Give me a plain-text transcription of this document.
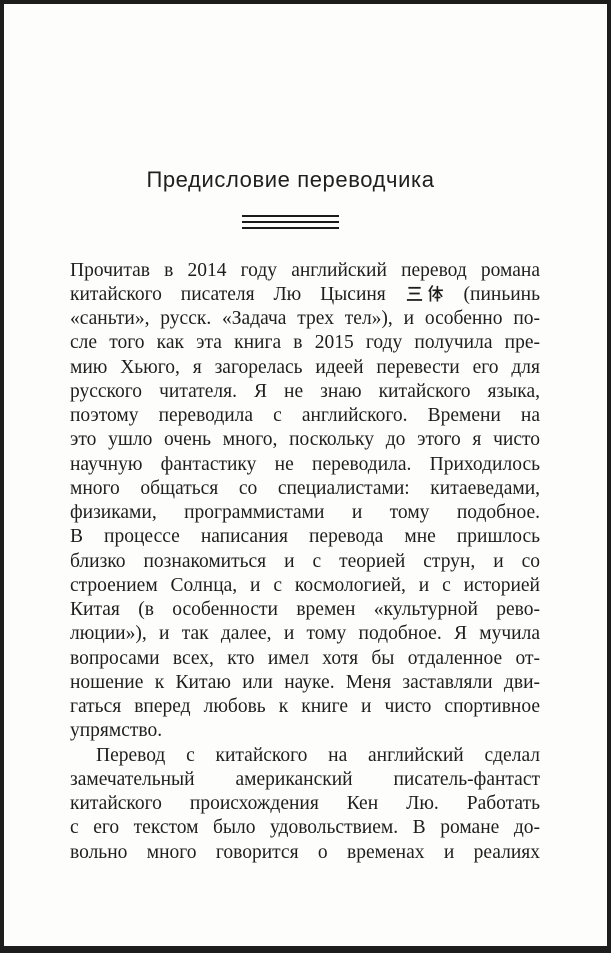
Предисловие переводчика
Прочитав в 2014 году английский перевод романа
китайского писателя Лю Цысиня
(пиньинь
«саньти», русск. «Задача трех тел»), и особенно по-
сле того как эта книга в 2015 году получила пре-
мию Хьюго, я загорелась идеей перевести его для
русского читателя. Я не знаю китайского языка,
поэтому переводила с английского. Времени на
это ушло очень много, поскольку до этого я чисто
научную фантастику не переводила. Приходилось
много общаться со специалистами: китаеведами,
физиками, программистами и тому подобное.
В процессе написания перевода мне пришлось
близко познакомиться и с теорией струн, и со
строением Солнца, и с космологией, и с историей
Китая (в особенности времен «культурной рево-
люции»), и так далее, и тому подобное. Я мучила
вопросами всех, кто имел хотя бы отдаленное от-
ношение к Китаю или науке. Меня заставляли дви-
гаться вперед любовь к книге и чисто спортивное
упрямство.
Перевод с китайского на английский сделал
замечательный американский писатель-фантаст
китайского происхождения Кен Лю. Работать
с его текстом было удовольствием. В романе до-
вольно много говорится о временах и реалиях
